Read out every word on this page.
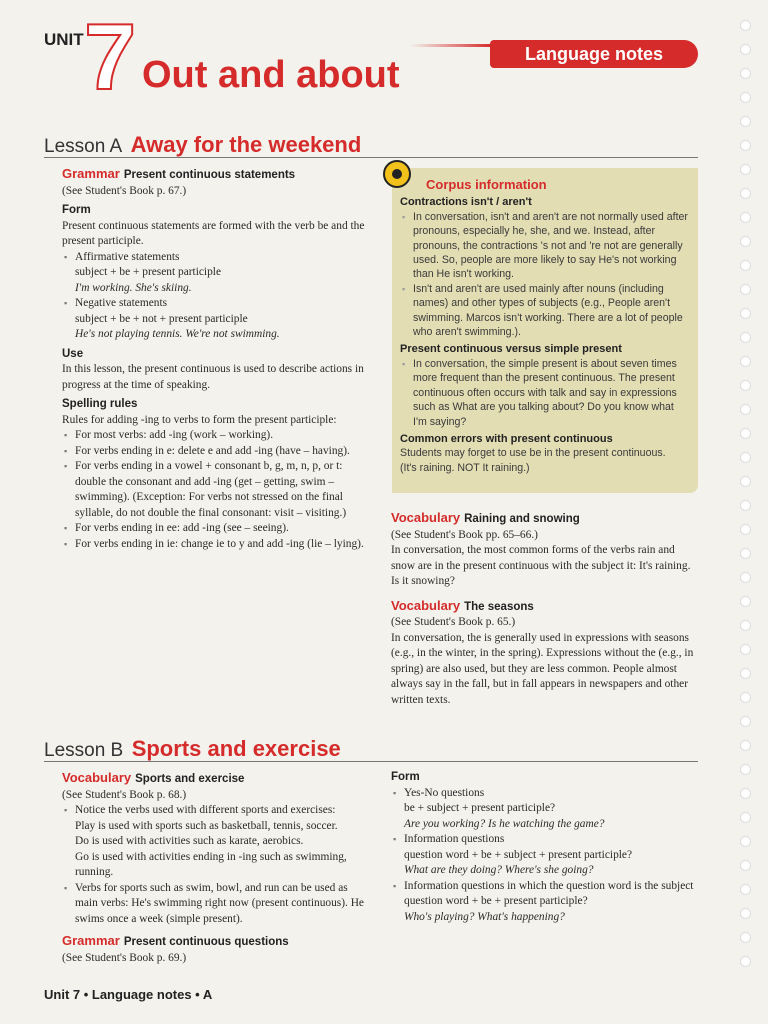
UNIT 7 Out and about	Language notes
Lesson A Away for the weekend
Grammar Present continuous statements

(See Student's Book p. 67.)

Form

Present continuous statements are formed with the verb be and the present participle.

▪ Affirmative statements

subject + be + present participle

I'm working. She's skiing.

▪ Negative statements

subject + be + not + present participle

He's not playing tennis. We're not swimming.

Use

In this lesson, the present continuous is used to describe actions in progress at the time of speaking.

Spelling rules

Rules for adding -ing to verbs to form the present participle:

▪ For most verbs: add -ing (work – working).
▪ For verbs ending in e: delete e and add -ing (have – having).
▪ For verbs ending in a vowel + consonant b, g, m, n, p, or t: double the consonant and add -ing (get – getting, swim – swimming). (Exception: For verbs not stressed on the final syllable, do not double the final consonant: visit – visiting.)
▪ For verbs ending in ee: add -ing (see – seeing).
▪ For verbs ending in ie: change ie to y and add -ing (lie – lying).
Corpus information
Contractions isn't / aren't
▪ In conversation, isn't and aren't are not normally used after pronouns, especially he, she, and we. Instead, after pronouns, the contractions 's not and 're not are generally used. So, people are more likely to say He's not working than He isn't working.
▪ Isn't and aren't are used mainly after nouns (including names) and other types of subjects (e.g., People aren't swimming. Marcos isn't working. There are a lot of people who aren't swimming.).
Present continuous versus simple present
▪ In conversation, the simple present is about seven times more frequent than the present continuous. The present continuous often occurs with talk and say in expressions such as What are you talking about? Do you know what I'm saying?
Common errors with present continuous

Students may forget to use be in the present continuous.

(It's raining. NOT It raining.)

Vocabulary Raining and snowing

(See Student's Book pp. 65–66.)

In conversation, the most common forms of the verbs rain and snow are in the present continuous with the subject it: It's raining. Is it snowing?

Vocabulary The seasons

(See Student's Book p. 65.)

In conversation, the is generally used in expressions with seasons (e.g., in the winter, in the spring). Expressions without the (e.g., in spring) are also used, but they are less common. People almost always say in the fall, but in fall appears in newspapers and other written texts.

Lesson B Sports and exercise
Vocabulary Sports and exercise

(See Student's Book p. 68.)

▪ Notice the verbs used with different sports and exercises:

Play is used with sports such as basketball, tennis, soccer.

Do is used with activities such as karate, aerobics.

Go is used with activities ending in -ing such as swimming, running.

▪ Verbs for sports such as swim, bowl, and run can be used as main verbs: He's swimming right now (present continuous). He swims once a week (simple present).
Grammar Present continuous questions

(See Student's Book p. 69.)

Form
▪ Yes-No questions

be + subject + present participle?

Are you working? Is he watching the game?

▪ Information questions

question word + be + subject + present participle?

What are they doing? Where's she going?

▪ Information questions in which the question word is the subject

question word + be + present participle?

Who's playing? What's happening?

Unit 7 • Language notes • A
